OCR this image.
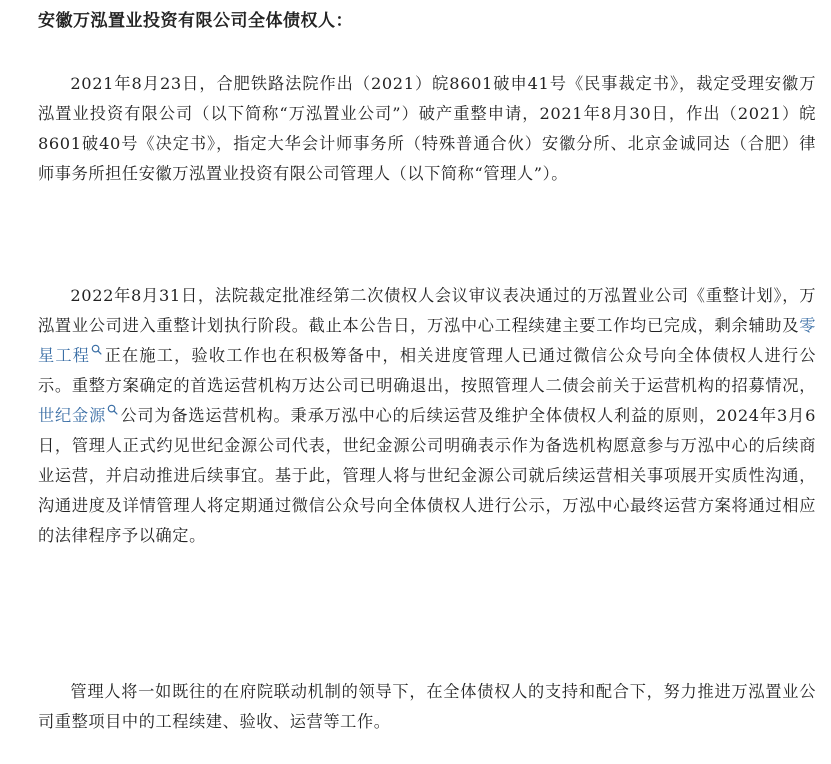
安徽万泓置业投资有限公司全体债权人：

2021年8月23日，合肥铁路法院作出（2021）皖8601破申41号《民事裁定书》，裁定受理安徽万泓置业投资有限公司（以下简称“万泓置业公司”）破产重整申请，2021年8月30日，作出（2021）皖8601破40号《决定书》，指定大华会计师事务所（特殊普通合伙）安徽分所、北京金诚同达（合肥）律师事务所担任安徽万泓置业投资有限公司管理人（以下简称“管理人”）。

2022年8月31日，法院裁定批准经第二次债权人会议审议表决通过的万泓置业公司《重整计划》，万泓置业公司进入重整计划执行阶段。截止本公告日，万泓中心工程续建主要工作均已完成，剩余辅助及零星工程 正在施工，验收工作也在积极筹备中，相关进度管理人已通过微信公众号向全体债权人进行公示。重整方案确定的首选运营机构万达公司已明确退出，按照管理人二债会前关于运营机构的招募情况，世纪金源 公司为备选运营机构。秉承万泓中心的后续运营及维护全体债权人利益的原则，2024年3月6日，管理人正式约见世纪金源公司代表，世纪金源公司明确表示作为备选机构愿意参与万泓中心的后续商业运营，并启动推进后续事宜。基于此，管理人将与世纪金源公司就后续运营相关事项展开实质性沟通，沟通进度及详情管理人将定期通过微信公众号向全体债权人进行公示，万泓中心最终运营方案将通过相应的法律程序予以确定。

管理人将一如既往的在府院联动机制的领导下，在全体债权人的支持和配合下，努力推进万泓置业公司重整项目中的工程续建、验收、运营等工作。
